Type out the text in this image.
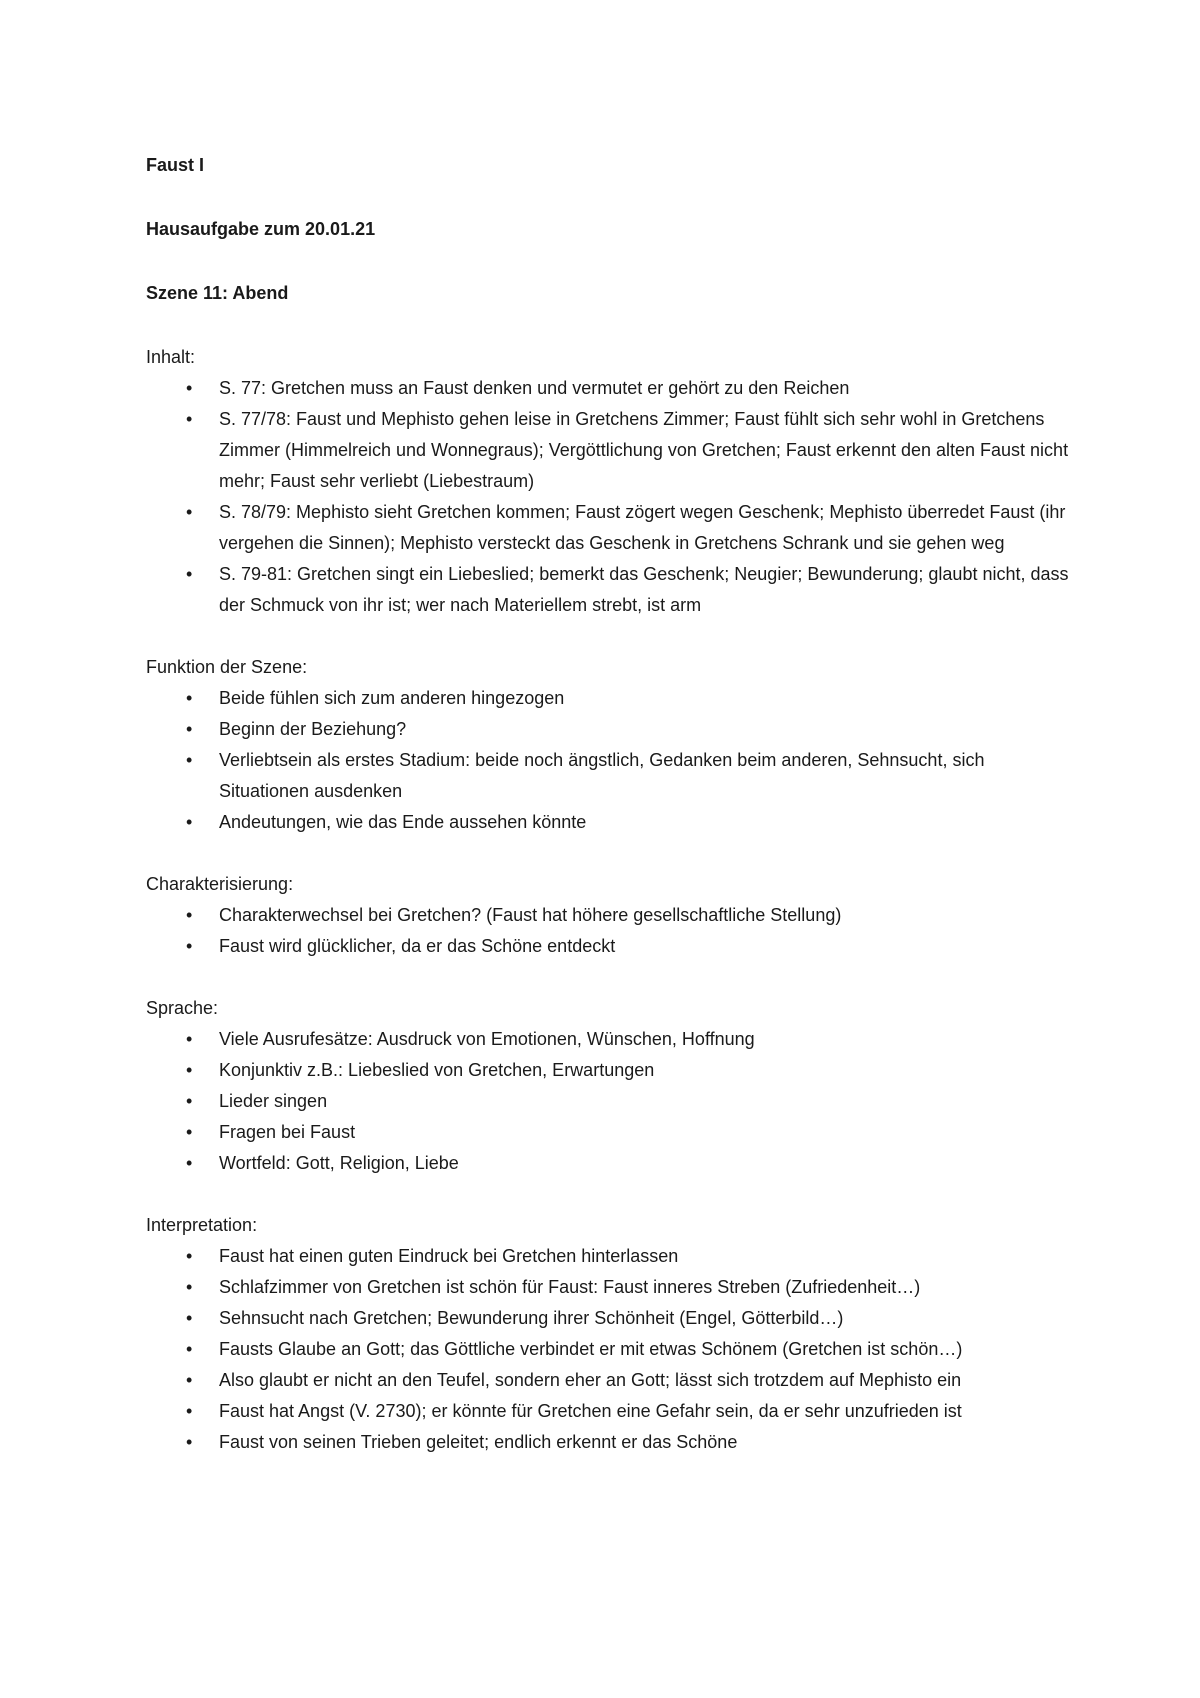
Faust I

Hausaufgabe zum 20.01.21

Szene 11: Abend

Inhalt:

• S. 77: Gretchen muss an Faust denken und vermutet er gehört zu den Reichen
• S. 77/78: Faust und Mephisto gehen leise in Gretchens Zimmer; Faust fühlt sich sehr wohl in Gretchens Zimmer (Himmelreich und Wonnegraus); Vergöttlichung von Gretchen; Faust erkennt den alten Faust nicht mehr; Faust sehr verliebt (Liebestraum)
• S. 78/79: Mephisto sieht Gretchen kommen; Faust zögert wegen Geschenk; Mephisto überredet Faust (ihr vergehen die Sinnen); Mephisto versteckt das Geschenk in Gretchens Schrank und sie gehen weg
• S. 79-81: Gretchen singt ein Liebeslied; bemerkt das Geschenk; Neugier; Bewunderung; glaubt nicht, dass der Schmuck von ihr ist; wer nach Materiellem strebt, ist arm

Funktion der Szene:

• Beide fühlen sich zum anderen hingezogen
• Beginn der Beziehung?
• Verliebtsein als erstes Stadium: beide noch ängstlich, Gedanken beim anderen, Sehnsucht, sich Situationen ausdenken
• Andeutungen, wie das Ende aussehen könnte

Charakterisierung:

• Charakterwechsel bei Gretchen? (Faust hat höhere gesellschaftliche Stellung)
• Faust wird glücklicher, da er das Schöne entdeckt

Sprache:

• Viele Ausrufesätze: Ausdruck von Emotionen, Wünschen, Hoffnung
• Konjunktiv z.B.: Liebeslied von Gretchen, Erwartungen
• Lieder singen
• Fragen bei Faust
• Wortfeld: Gott, Religion, Liebe

Interpretation:

• Faust hat einen guten Eindruck bei Gretchen hinterlassen
• Schlafzimmer von Gretchen ist schön für Faust: Faust inneres Streben (Zufriedenheit…)
• Sehnsucht nach Gretchen; Bewunderung ihrer Schönheit (Engel, Götterbild…)
• Fausts Glaube an Gott; das Göttliche verbindet er mit etwas Schönem (Gretchen ist schön…)
• Also glaubt er nicht an den Teufel, sondern eher an Gott; lässt sich trotzdem auf Mephisto ein
• Faust hat Angst (V. 2730); er könnte für Gretchen eine Gefahr sein, da er sehr unzufrieden ist
• Faust von seinen Trieben geleitet; endlich erkennt er das Schöne
